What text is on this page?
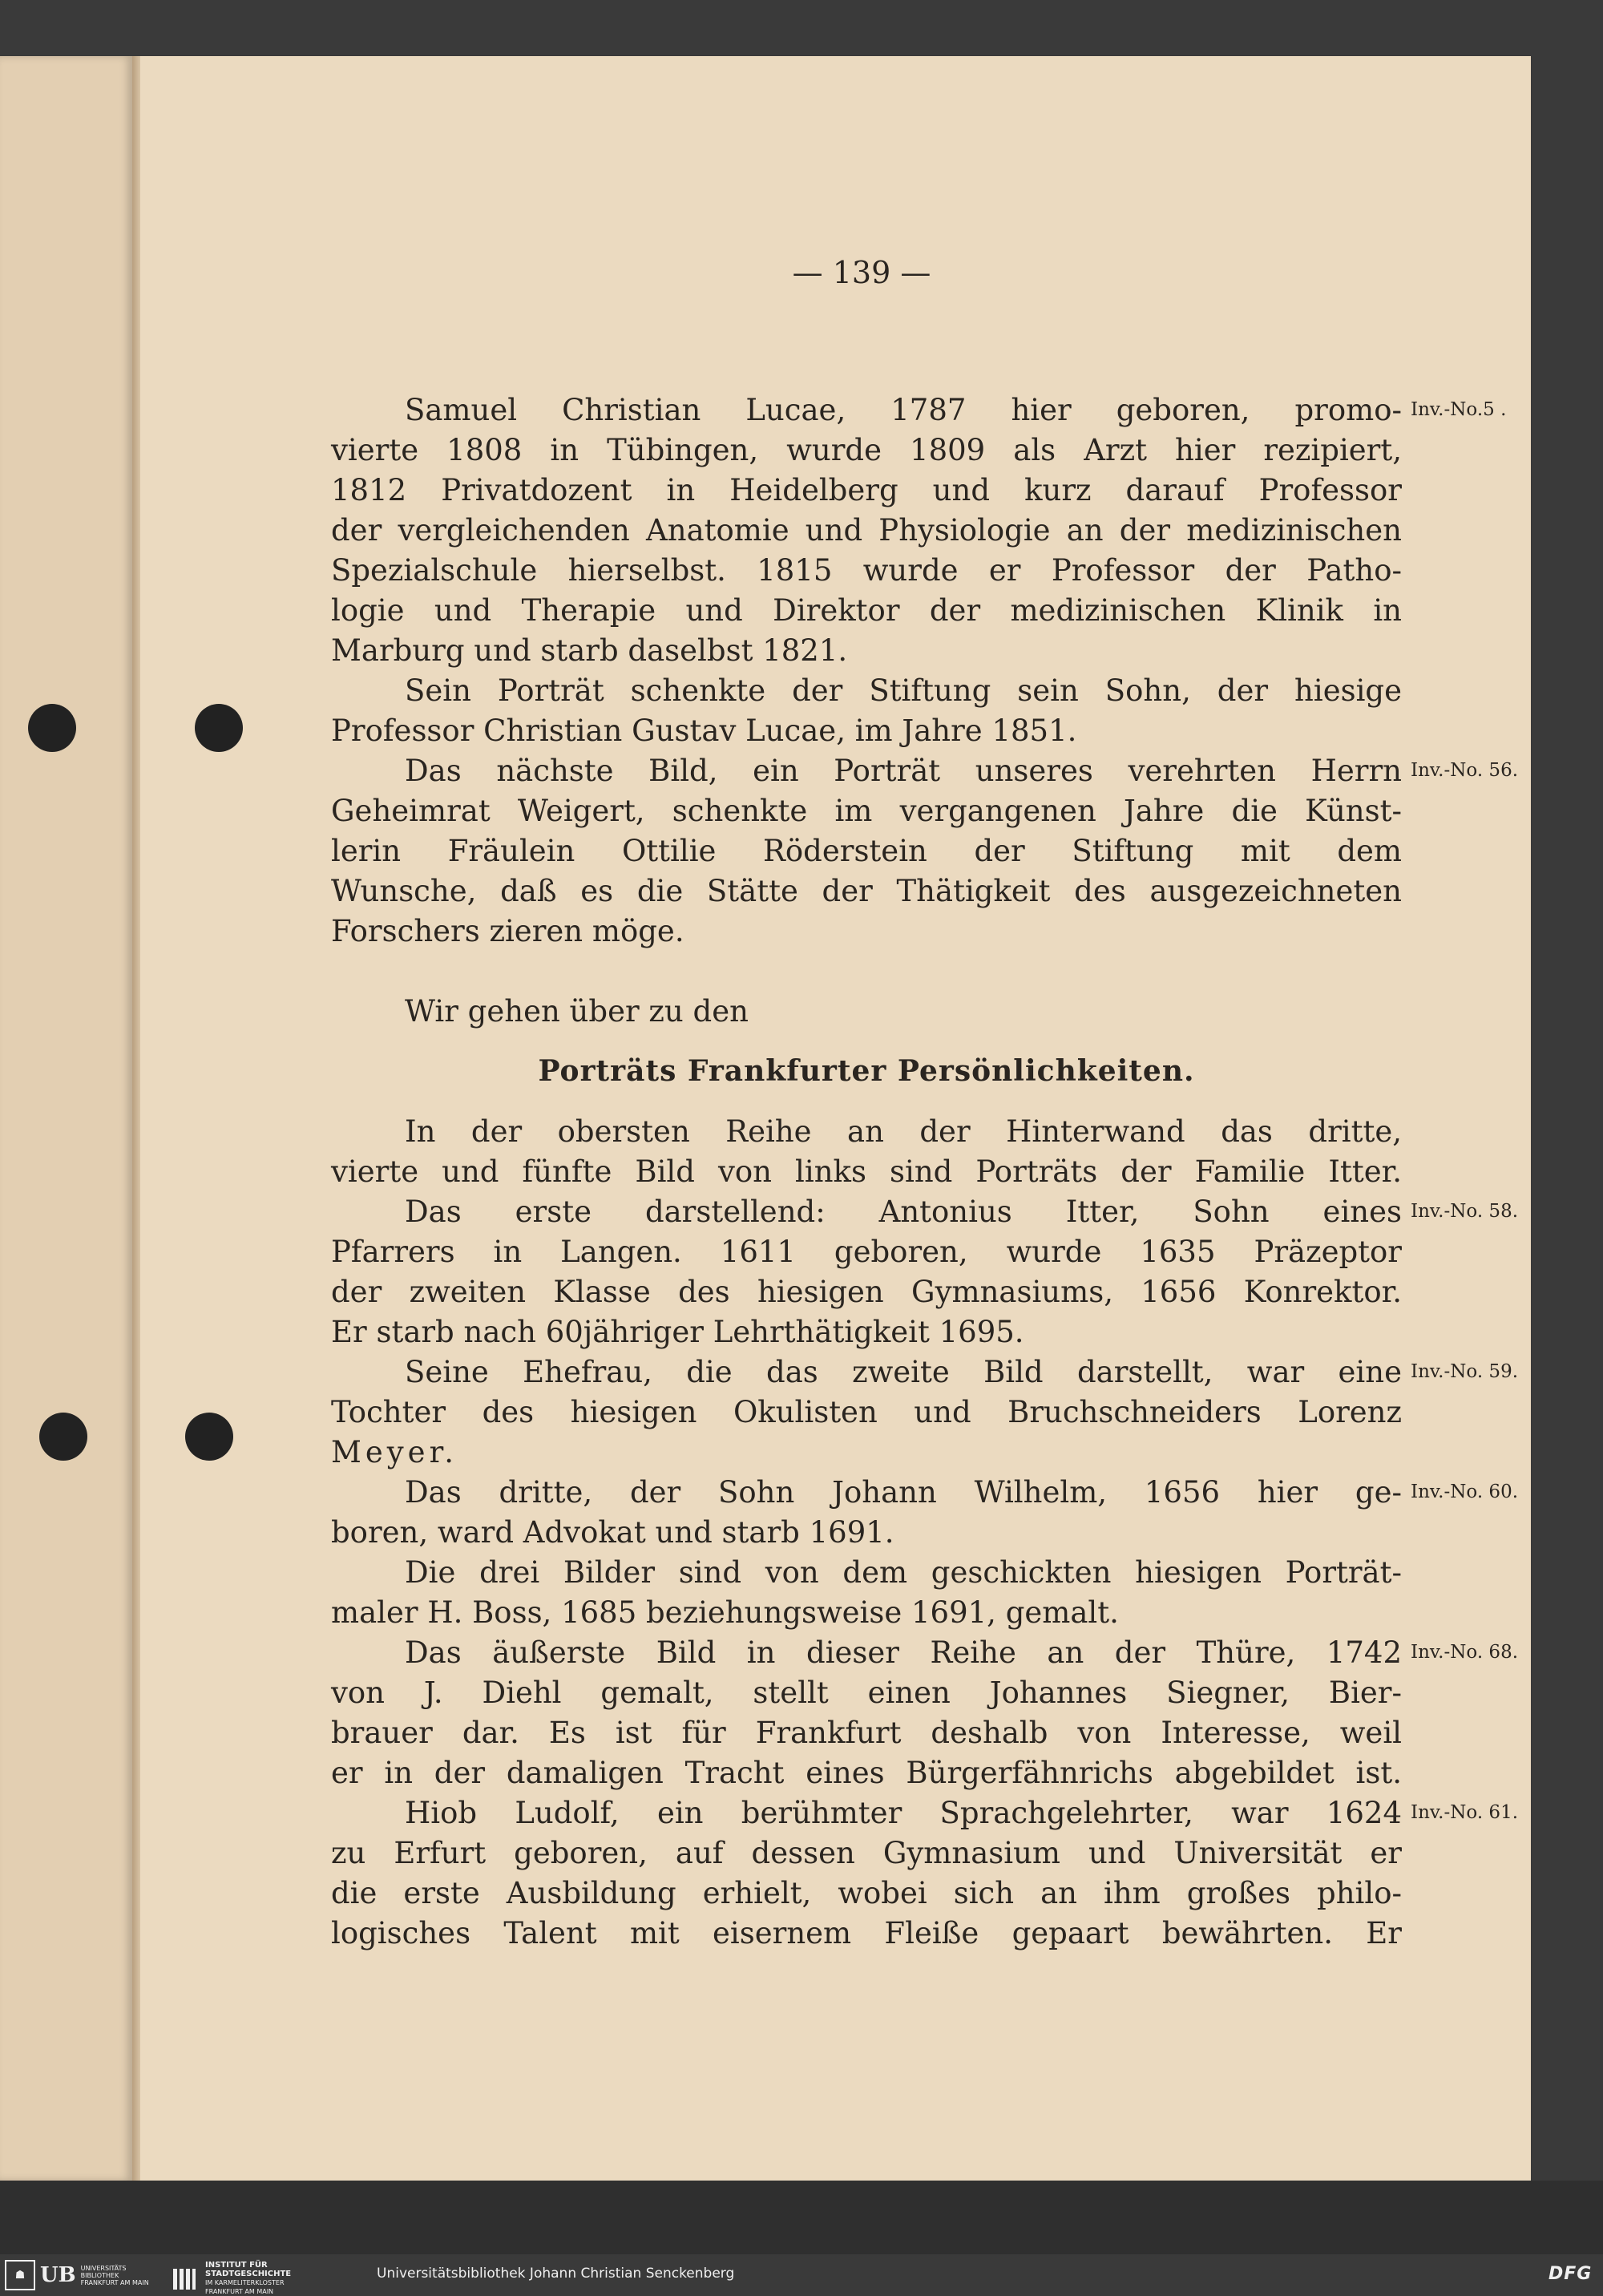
— 139 —
Samuel Christian Lucae, 1787 hier geboren, promo-
vierte 1808 in Tübingen, wurde 1809 als Arzt hier rezipiert,
1812 Privatdozent in Heidelberg und kurz darauf Professor
der vergleichenden Anatomie und Physiologie an der medizinischen
Spezialschule hierselbst. 1815 wurde er Professor der Patho-
logie und Therapie und Direktor der medizinischen Klinik in
Marburg und starb daselbst 1821.
Sein Porträt schenkte der Stiftung sein Sohn, der hiesige
Professor Christian Gustav Lucae, im Jahre 1851.
Das nächste Bild, ein Porträt unseres verehrten Herrn
Geheimrat Weigert, schenkte im vergangenen Jahre die Künst-
lerin Fräulein Ottilie Röderstein der Stiftung mit dem
Wunsche, daß es die Stätte der Thätigkeit des ausgezeichneten
Forschers zieren möge.
Wir gehen über zu den
Porträts Frankfurter Persönlichkeiten.
In der obersten Reihe an der Hinterwand das dritte,
vierte und fünfte Bild von links sind Porträts der Familie Itter.
Das erste darstellend: Antonius Itter, Sohn eines
Pfarrers in Langen. 1611 geboren, wurde 1635 Präzeptor
der zweiten Klasse des hiesigen Gymnasiums, 1656 Konrektor.
Er starb nach 60jähriger Lehrthätigkeit 1695.
Seine Ehefrau, die das zweite Bild darstellt, war eine
Tochter des hiesigen Okulisten und Bruchschneiders Lorenz
Meyer.
Das dritte, der Sohn Johann Wilhelm, 1656 hier ge-
boren, ward Advokat und starb 1691.
Die drei Bilder sind von dem geschickten hiesigen Porträt-
maler H. Boss, 1685 beziehungsweise 1691, gemalt.
Das äußerste Bild in dieser Reihe an der Thüre, 1742
von J. Diehl gemalt, stellt einen Johannes Siegner, Bier-
brauer dar. Es ist für Frankfurt deshalb von Interesse, weil
er in der damaligen Tracht eines Bürgerfähnrichs abgebildet ist.
Hiob Ludolf, ein berühmter Sprachgelehrter, war 1624
zu Erfurt geboren, auf dessen Gymnasium und Universität er
die erste Ausbildung erhielt, wobei sich an ihm großes philo-
logisches Talent mit eisernem Fleiße gepaart bewährten. Er
Inv.-No.5 .
Inv.-No. 56.
Inv.-No. 58.
Inv.-No. 59.
Inv.-No. 60.
Inv.-No. 68.
Inv.-No. 61.
☗ UB UNIVERSITÄTS
BIBLIOTHEK
FRANKFURT AM MAIN
INSTITUT FÜR
STADTGESCHICHTE
IM KARMELITERKLOSTER
FRANKFURT AM MAIN
Universitätsbibliothek Johann Christian Senckenberg	DFG
